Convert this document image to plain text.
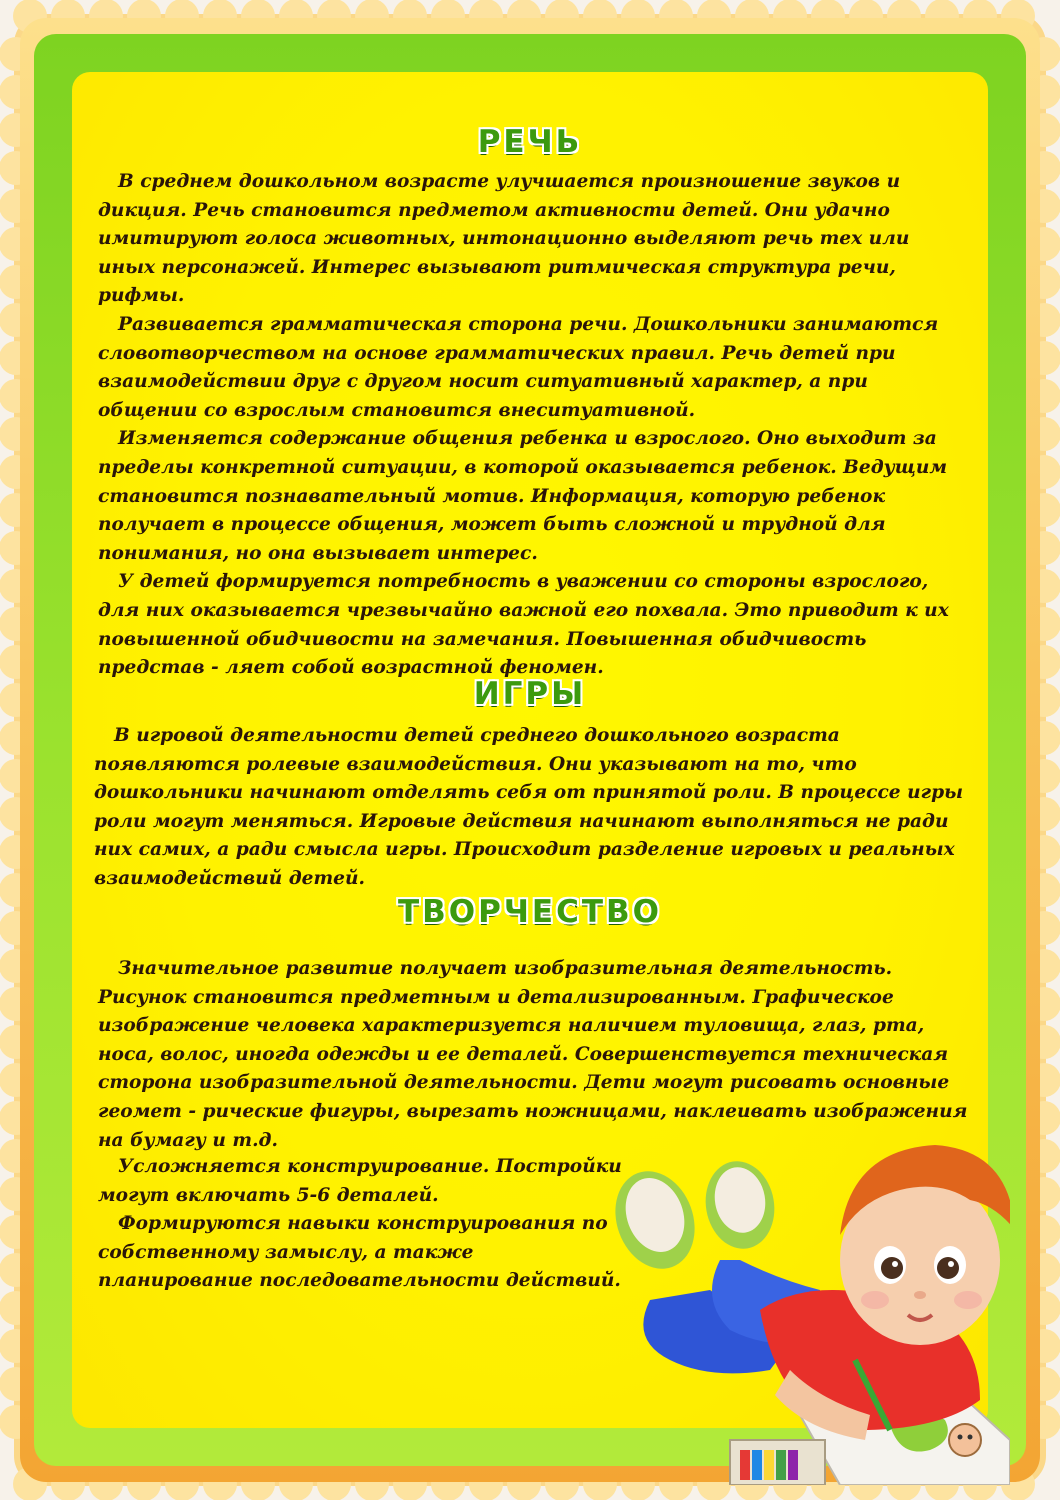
РЕЧЬ

В среднем дошкольном возрасте улучшается произношение звуков и дикция. Речь становится предметом активности детей. Они удачно имитируют голоса животных, интонационно выделяют речь тех или иных персонажей. Интерес вызывают ритмическая структура речи, рифмы.

Развивается грамматическая сторона речи. Дошкольники занимаются словотворчеством на основе грамматических правил. Речь детей при взаимодействии друг с другом носит ситуативный характер, а при общении со взрослым становится внеситуативной.

Изменяется содержание общения ребенка и взрослого. Оно выходит за пределы конкретной ситуации, в которой оказывается ребенок. Ведущим становится познавательный мотив. Информация, которую ребенок получает в процессе общения, может быть сложной и трудной для понимания, но она вызывает интерес.

У детей формируется потребность в уважении со стороны взрослого, для них оказывается чрезвычайно важной его похвала. Это приводит к их повышенной обидчивости на замечания. Повышенная обидчивость представ - ляет собой возрастной феномен.

ИГРЫ

В игровой деятельности детей среднего дошкольного возраста появляются ролевые взаимодействия. Они указывают на то, что дошкольники начинают отделять себя от принятой роли. В процессе игры роли могут меняться. Игровые действия начинают выполняться не ради них самих, а ради смысла игры. Происходит разделение игровых и реальных взаимодействий детей.

ТВОРЧЕСТВО

Значительное развитие получает изобразительная деятельность. Рисунок становится предметным и детализированным. Графическое изображение человека характеризуется наличием туловища, глаз, рта, носа, волос, иногда одежды и ее деталей. Совершенствуется техническая сторона изобразительной деятельности. Дети могут рисовать основные геомет - рические фигуры, вырезать ножницами, наклеивать изображения на бумагу и т.д.

Усложняется конструирование. Постройки могут включать 5-6 деталей.

Формируются навыки конструирования по собственному замыслу, а также планирование последовательности действий.
